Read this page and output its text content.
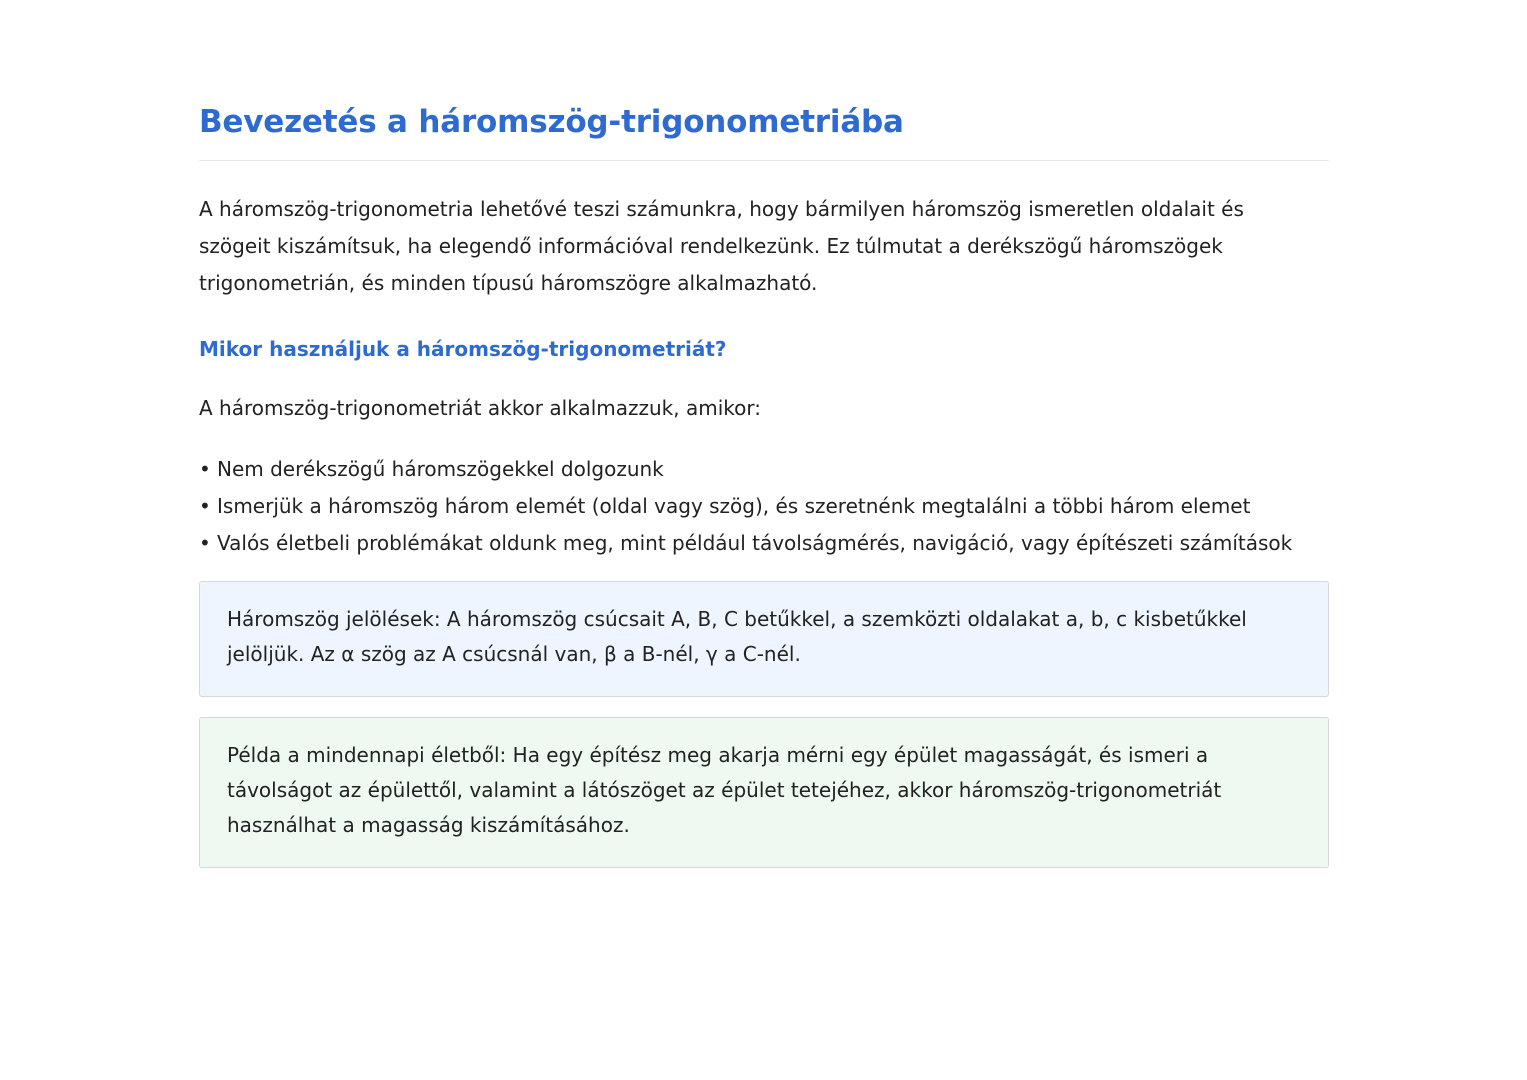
Bevezetés a háromszög-trigonometriába

A háromszög-trigonometria lehetővé teszi számunkra, hogy bármilyen háromszög ismeretlen oldalait és szögeit kiszámítsuk, ha elegendő információval rendelkezünk. Ez túlmutat a derékszögű háromszögek trigonometrián, és minden típusú háromszögre alkalmazható.

Mikor használjuk a háromszög-trigonometriát?

A háromszög-trigonometriát akkor alkalmazzuk, amikor:

• Nem derékszögű háromszögekkel dolgozunk
• Ismerjük a háromszög három elemét (oldal vagy szög), és szeretnénk megtalálni a többi három elemet
• Valós életbeli problémákat oldunk meg, mint például távolságmérés, navigáció, vagy építészeti számítások

Háromszög jelölések: A háromszög csúcsait A, B, C betűkkel, a szemközti oldalakat a, b, c kisbetűkkel jelöljük. Az α szög az A csúcsnál van, β a B-nél, γ a C-nél.

Példa a mindennapi életből: Ha egy építész meg akarja mérni egy épület magasságát, és ismeri a távolságot az épülettől, valamint a látószöget az épület tetejéhez, akkor háromszög-trigonometriát használhat a magasság kiszámításához.
